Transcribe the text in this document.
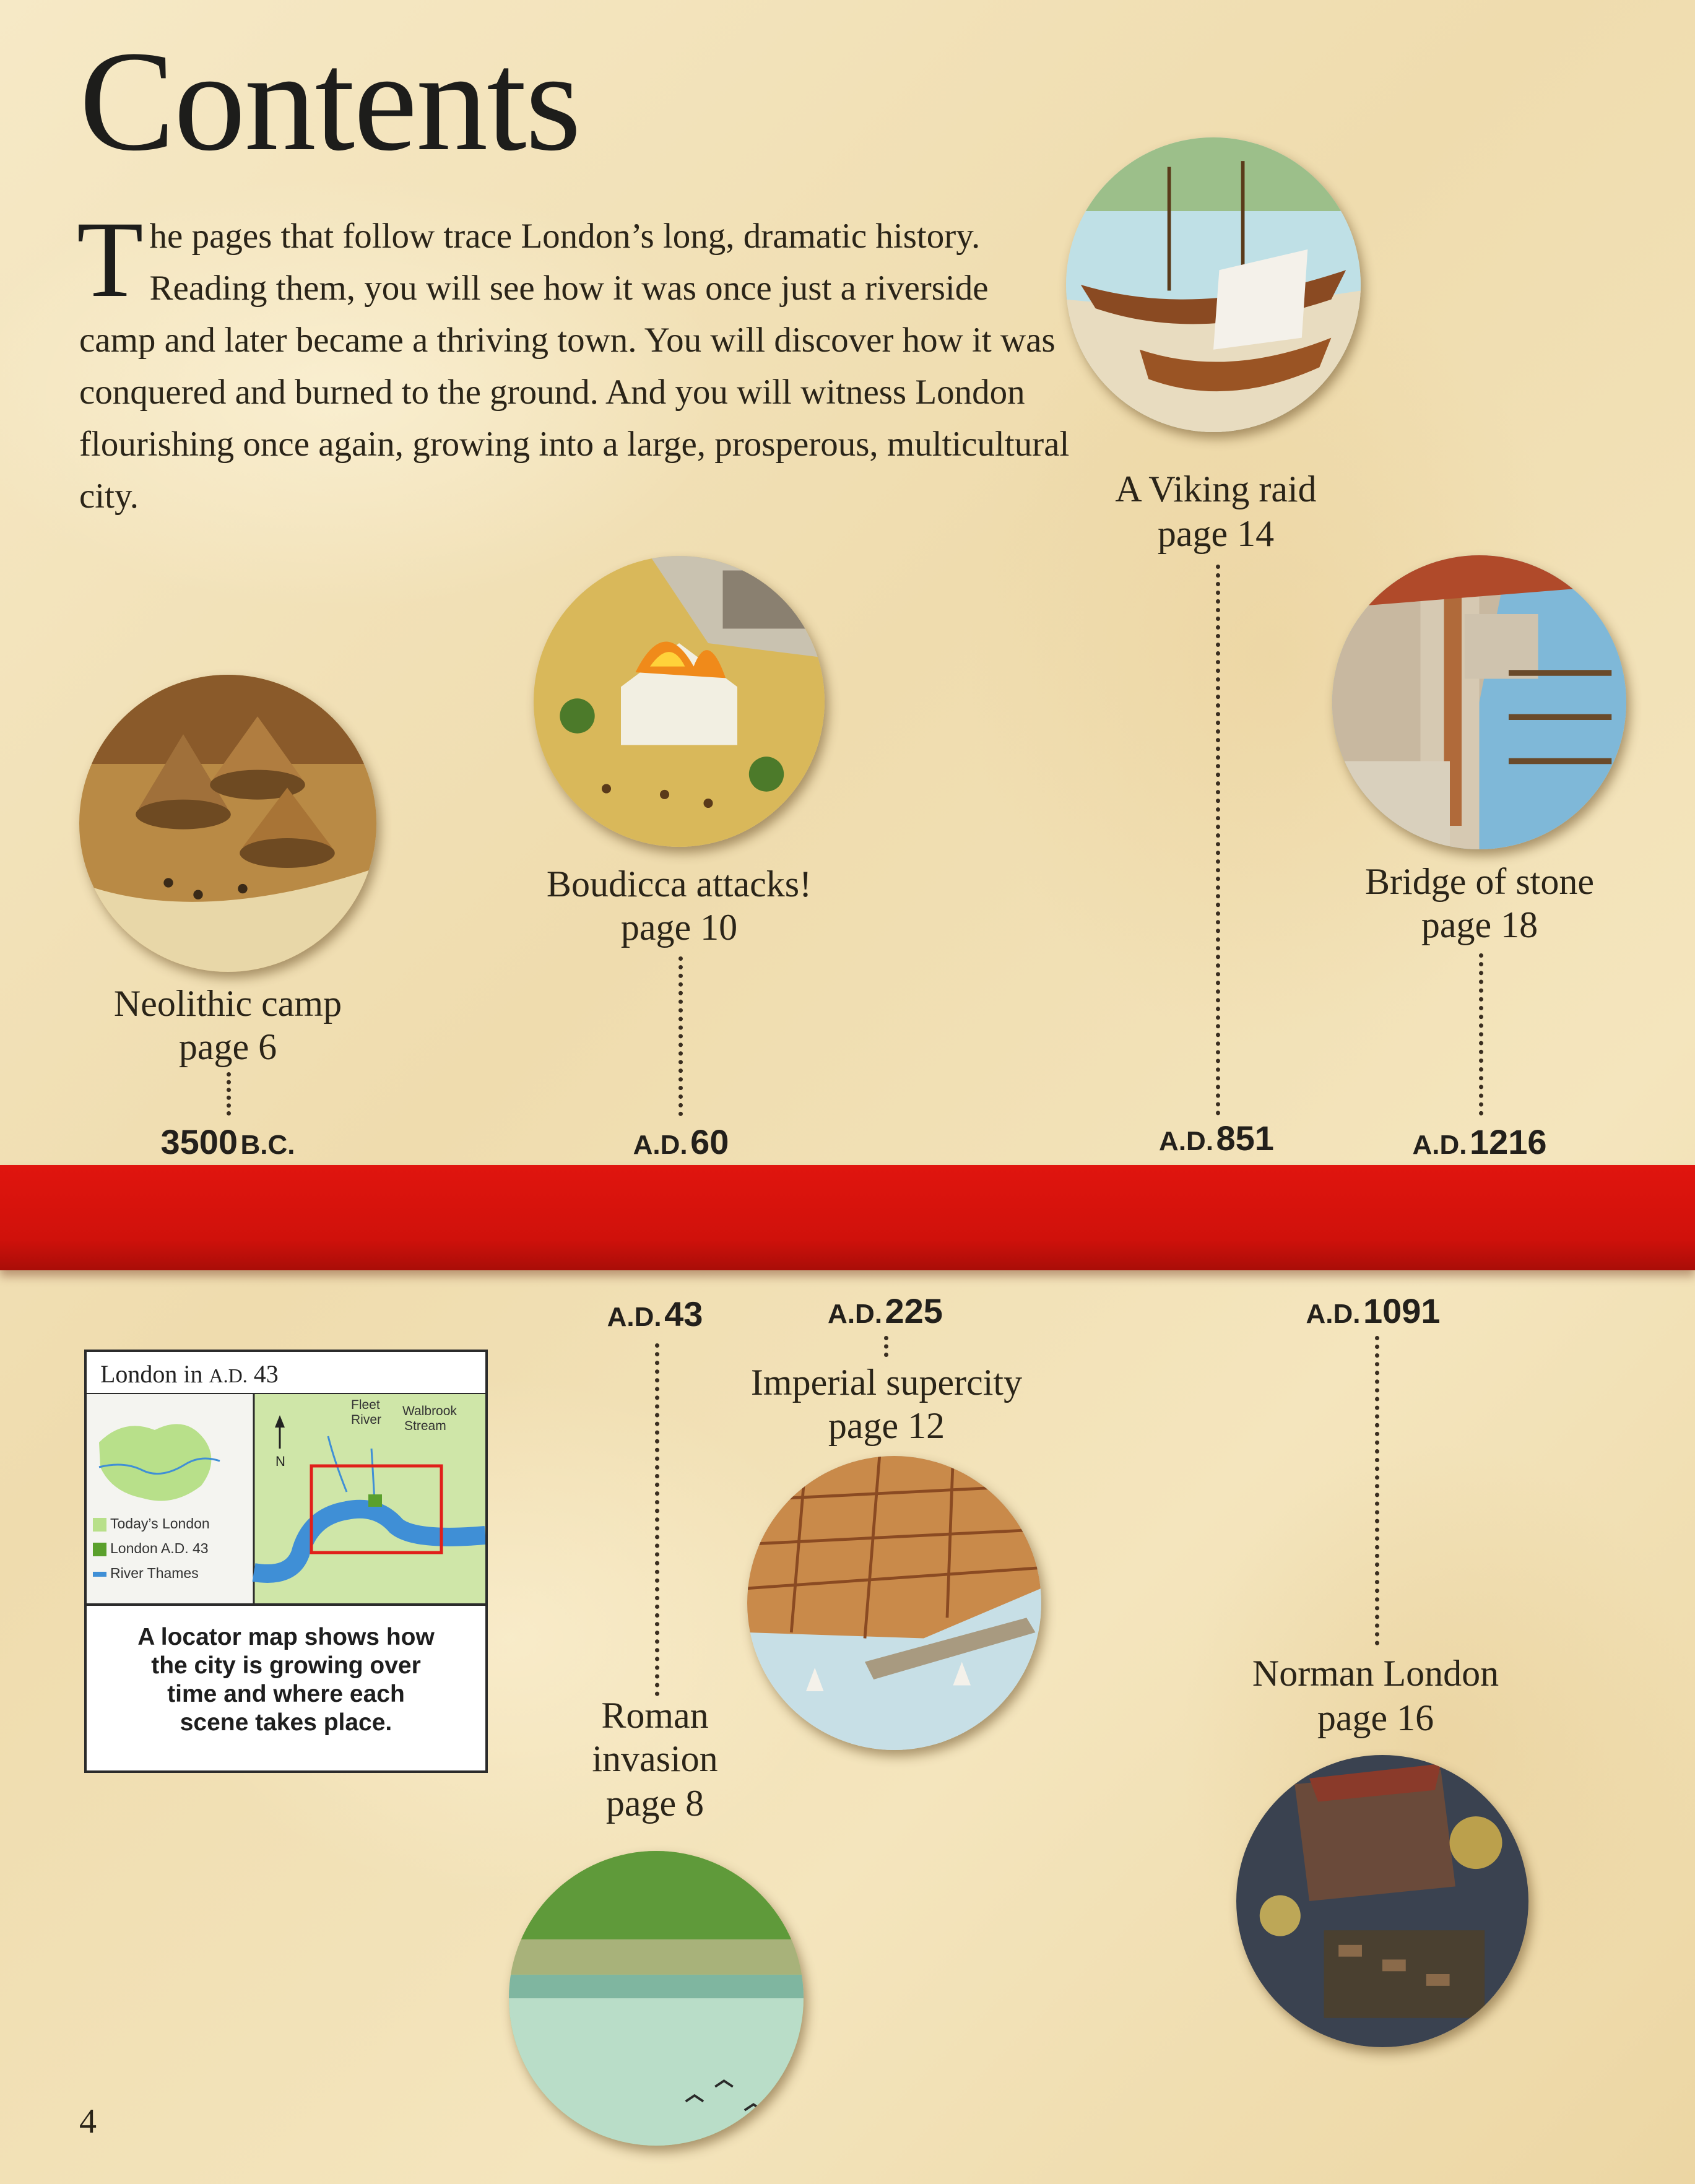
Contents
The pages that follow trace London’s long, dramatic history. Reading them, you will see how it was once just a riverside camp and later became a thriving town. You will discover how it was conquered and burned to the ground. And you will witness London flourishing once again, growing into a large, prosperous, multicultural city.
Neolithic camp
page 6
3500 B.C.
Boudicca attacks!
page 10
A.D. 60
A Viking raid
page 14
A.D. 851
Bridge of stone
page 18
A.D. 1216
A.D. 43
Roman
invasion
page 8
A.D. 225
Imperial supercity
page 12
A.D. 1091
Norman London
page 16
London in A.D. 43
N
Fleet
River
Walbrook
Stream
Today’s London
London A.D. 43
River Thames
A locator map shows how
the city is growing over
time and where each
scene takes place.
4
